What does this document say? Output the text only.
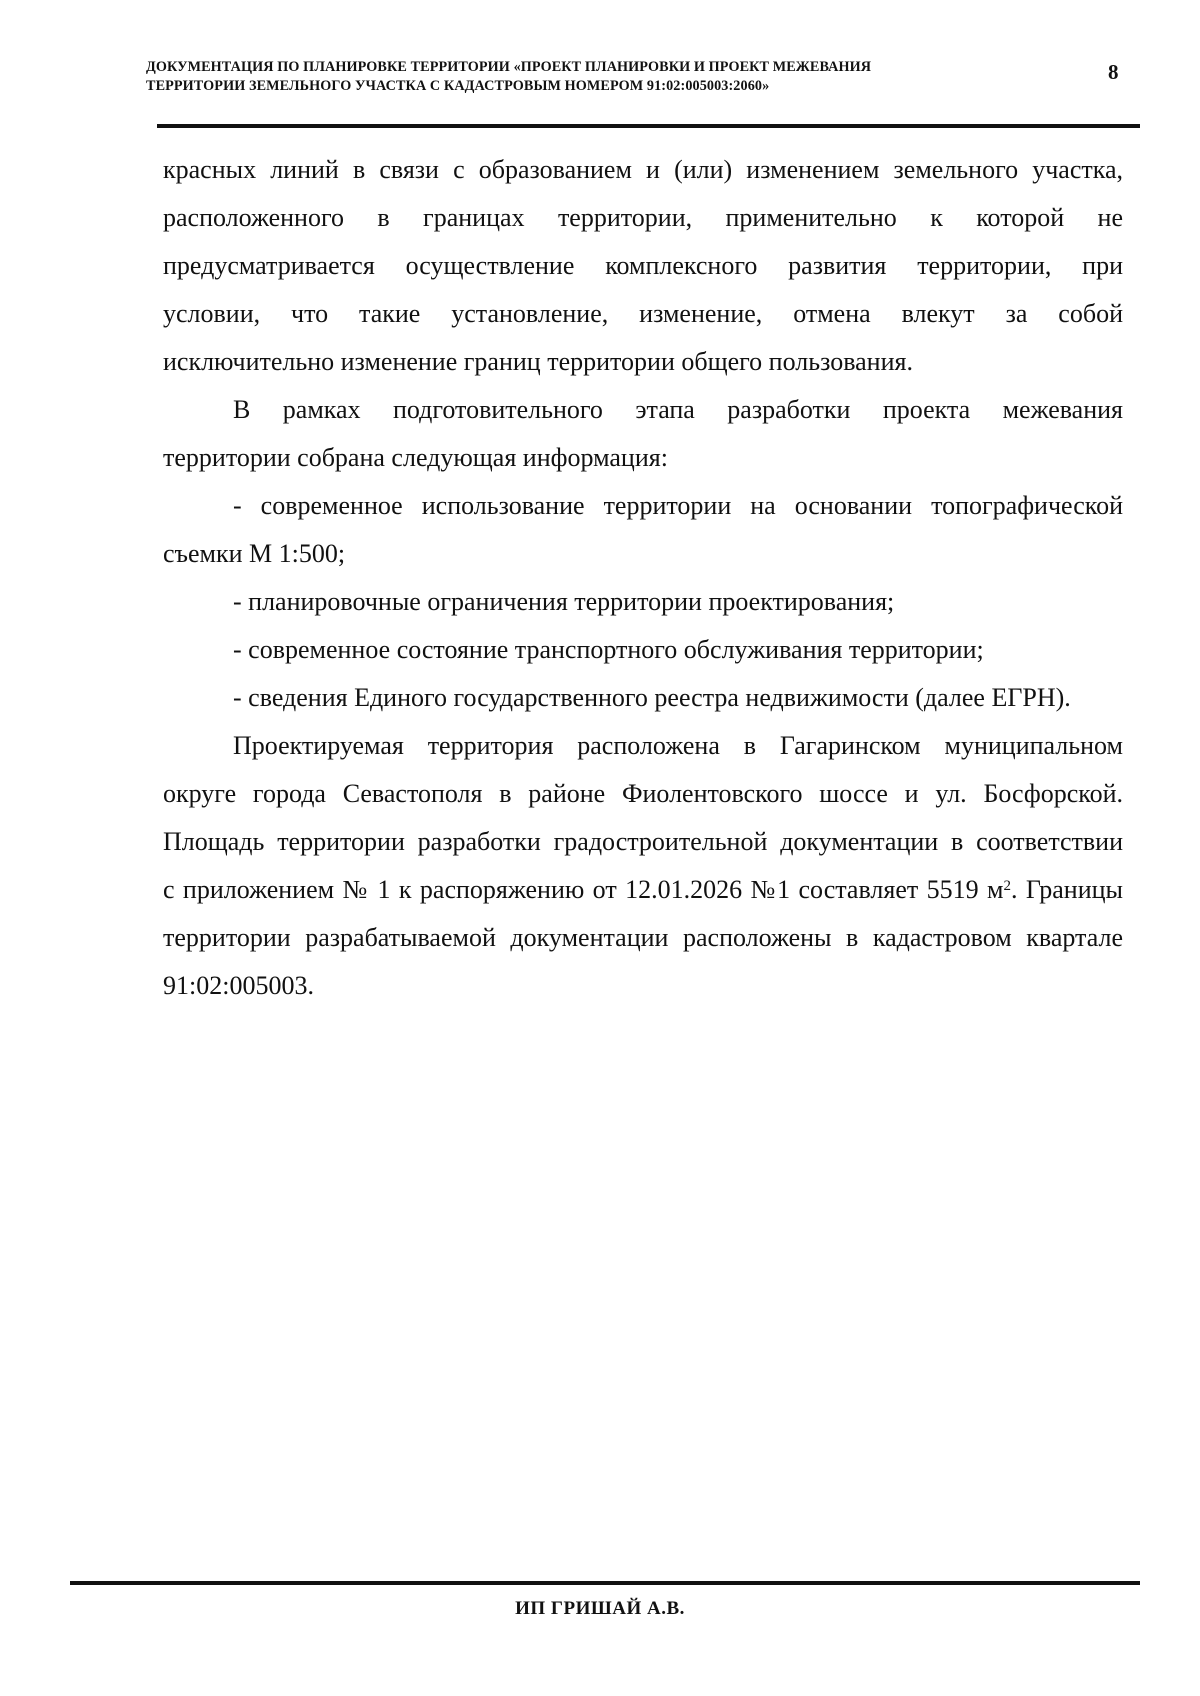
ДОКУМЕНТАЦИЯ ПО ПЛАНИРОВКЕ ТЕРРИТОРИИ «ПРОЕКТ ПЛАНИРОВКИ И ПРОЕКТ МЕЖЕВАНИЯ
ТЕРРИТОРИИ ЗЕМЕЛЬНОГО УЧАСТКА С КАДАСТРОВЫМ НОМЕРОМ 91:02:005003:2060»
8

красных линий в связи с образованием и (или) изменением земельного участка,
расположенного в границах территории, применительно к которой не
предусматривается осуществление комплексного развития территории, при
условии, что такие установление, изменение, отмена влекут за собой
исключительно изменение границ территории общего пользования.

В рамках подготовительного этапа разработки проекта межевания
территории собрана следующая информация:

- современное использование территории на основании топографической
съемки М 1:500;

- планировочные ограничения территории проектирования;

- современное состояние транспортного обслуживания территории;

- сведения Единого государственного реестра недвижимости (далее ЕГРН).

Проектируемая территория расположена в Гагаринском муниципальном
округе города Севастополя в районе Фиолентовского шоссе и ул. Босфорской.
Площадь территории разработки градостроительной документации в соответствии
с приложением № 1 к распоряжению от 12.01.2026 №1 составляет 5519 $м^2$. Границы
территории разрабатываемой документации расположены в кадастровом квартале
91:02:005003.

ИП ГРИШАЙ А.В.
